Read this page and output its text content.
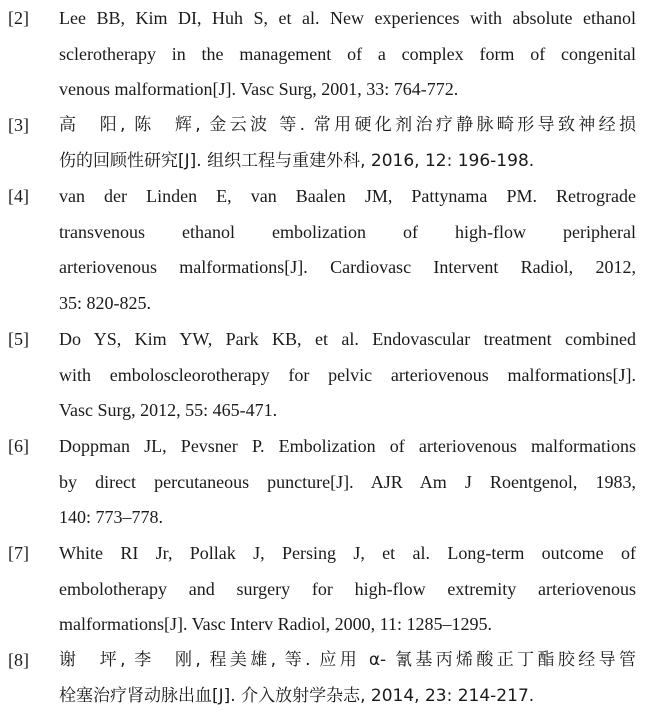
[2] Lee BB, Kim DI, Huh S, et al. New experiences with absolute ethanol
sclerotherapy in the management of a complex form of congenital
venous malformation[J]. Vasc Surg, 2001, 33: 764-772.
[3] 高　阳, 陈　辉, 金云波 等. 常用硬化剂治疗静脉畸形导致神经损
伤的回顾性研究[J]. 组织工程与重建外科, 2016, 12: 196-198.
[4] van der Linden E, van Baalen JM, Pattynama PM. Retrograde
transvenous ethanol embolization of high-flow peripheral
arteriovenous malformations[J]. Cardiovasc Intervent Radiol, 2012,
35: 820-825.
[5] Do YS, Kim YW, Park KB, et al. Endovascular treatment combined
with emboloscleorotherapy for pelvic arteriovenous malformations[J].
Vasc Surg, 2012, 55: 465-471.
[6] Doppman JL, Pevsner P. Embolization of arteriovenous malformations
by direct percutaneous puncture[J]. AJR Am J Roentgenol, 1983,
140: 773–778.
[7] White RI Jr, Pollak J, Persing J, et al. Long-term outcome of
embolotherapy and surgery for high-flow extremity arteriovenous
malformations[J]. Vasc Interv Radiol, 2000, 11: 1285–1295.
[8] 谢　坪, 李　刚, 程美雄, 等. 应用 α- 氰基丙烯酸正丁酯胶经导管
栓塞治疗肾动脉出血[J]. 介入放射学杂志, 2014, 23: 214-217.
